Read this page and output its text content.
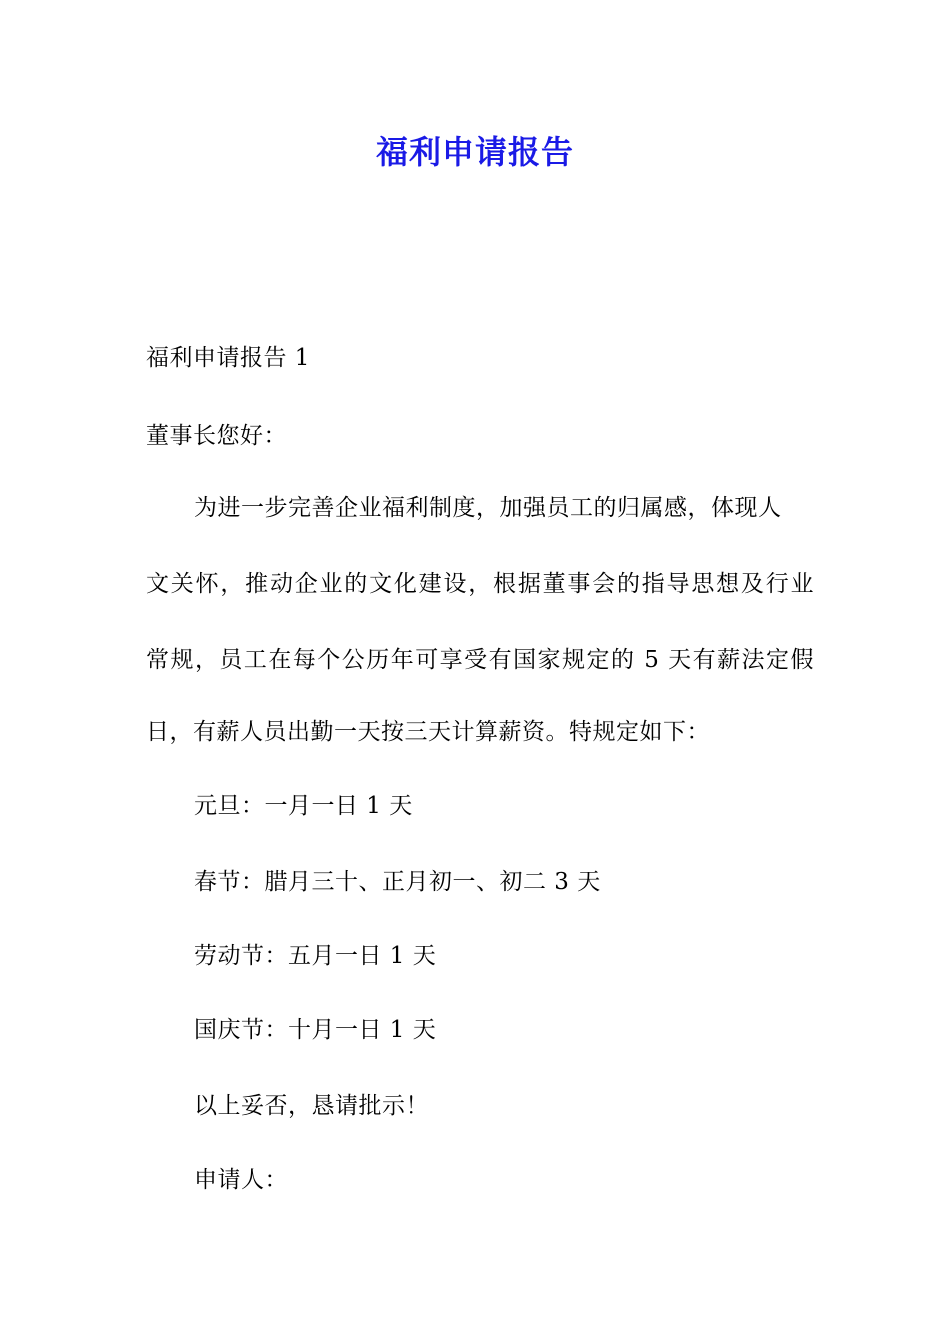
福利申请报告
福利申请报告 1
董事长您好：
为进一步完善企业福利制度，加强员工的归属感，体现人
文关怀，推动企业的文化建设，根据董事会的指导思想及行业
常规，员工在每个公历年可享受有国家规定的 5 天有薪法定假
日，有薪人员出勤一天按三天计算薪资。特规定如下：
元旦：一月一日 1 天
春节：腊月三十、正月初一、初二 3 天
劳动节：五月一日 1 天
国庆节：十月一日 1 天
以上妥否，恳请批示！
申请人：
